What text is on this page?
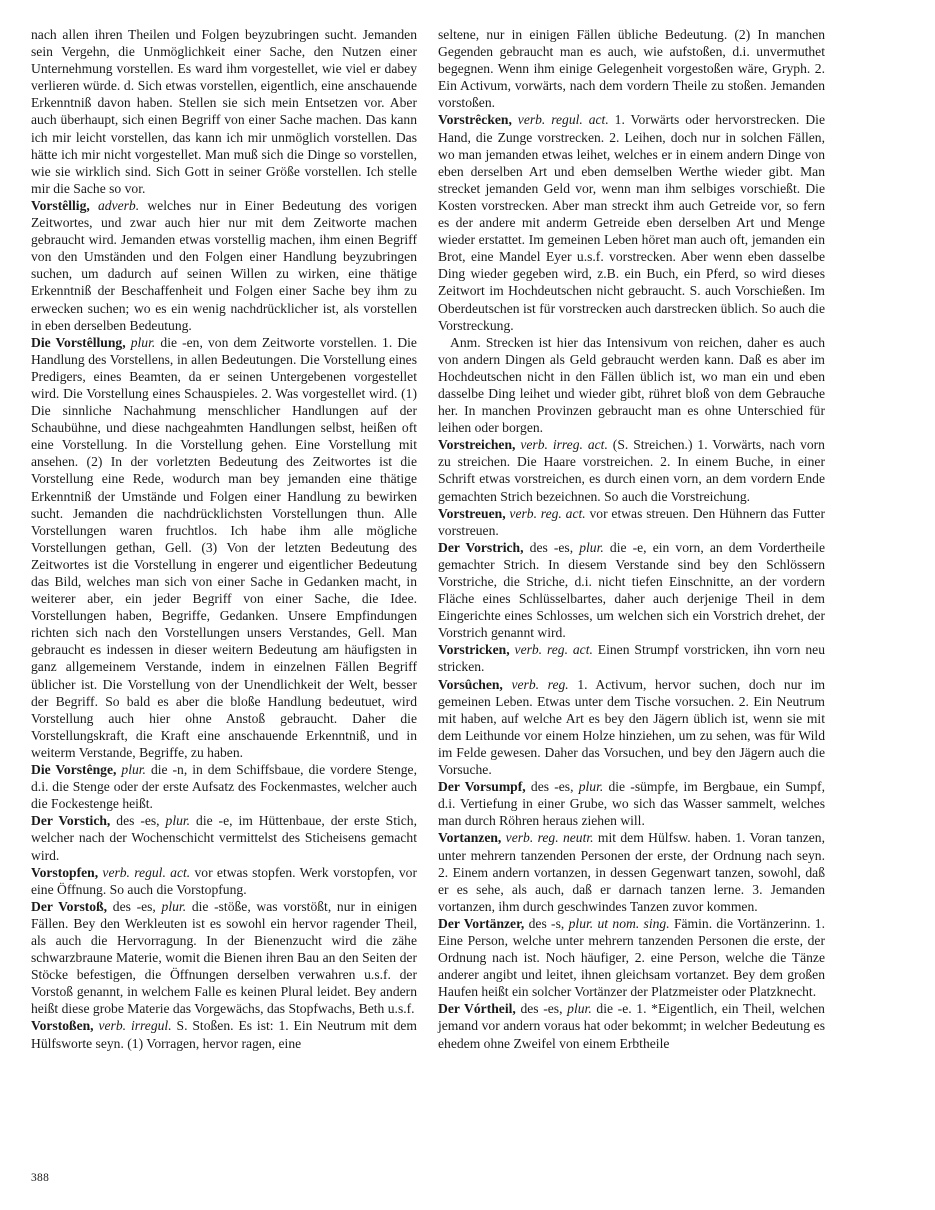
nach allen ihren Theilen und Folgen beyzubringen sucht. Jemanden sein Vergehn, die Unmöglichkeit einer Sache, den Nutzen einer Unternehmung vorstellen. Es ward ihm vorgestellet, wie viel er dabey verlieren würde. d. Sich etwas vorstellen, eigentlich, eine anschauende Erkenntniß davon haben. Stellen sie sich mein Entsetzen vor. Aber auch überhaupt, sich einen Begriff von einer Sache machen. Das kann ich mir leicht vorstellen, das kann ich mir unmöglich vorstellen. Das hätte ich mir nicht vorgestellet. Man muß sich die Dinge so vorstellen, wie sie wirklich sind. Sich Gott in seiner Größe vorstellen. Ich stelle mir die Sache so vor.

Vorstêllig, adverb. welches nur in Einer Bedeutung des vorigen Zeitwortes, und zwar auch hier nur mit dem Zeitworte machen gebraucht wird. Jemanden etwas vorstellig machen, ihm einen Begriff von den Umständen und den Folgen einer Handlung beyzubringen suchen, um dadurch auf seinen Willen zu wirken, eine thätige Erkenntniß der Beschaffenheit und Folgen einer Sache bey ihm zu erwecken suchen; wo es ein wenig nachdrücklicher ist, als vorstellen in eben derselben Bedeutung.

Die Vorstêllung, plur. die -en, von dem Zeitworte vorstellen. 1. Die Handlung des Vorstellens, in allen Bedeutungen. Die Vorstellung eines Predigers, eines Beamten, da er seinen Untergebenen vorgestellet wird. Die Vorstellung eines Schauspieles. 2. Was vorgestellet wird. (1) Die sinnliche Nachahmung menschlicher Handlungen auf der Schaubühne, und diese nachgeahmten Handlungen selbst, heißen oft eine Vorstellung. In die Vorstellung gehen. Eine Vorstellung mit ansehen. (2) In der vorletzten Bedeutung des Zeitwortes ist die Vorstellung eine Rede, wodurch man bey jemanden eine thätige Erkenntniß der Umstände und Folgen einer Handlung zu bewirken sucht. Jemanden die nachdrücklichsten Vorstellungen thun. Alle Vorstellungen waren fruchtlos. Ich habe ihm alle mögliche Vorstellungen gethan, Gell. (3) Von der letzten Bedeutung des Zeitwortes ist die Vorstellung in engerer und eigentlicher Bedeutung das Bild, welches man sich von einer Sache in Gedanken macht, in weiterer aber, ein jeder Begriff von einer Sache, die Idee. Vorstellungen haben, Begriffe, Gedanken. Unsere Empfindungen richten sich nach den Vorstellungen unsers Verstandes, Gell. Man gebraucht es indessen in dieser weitern Bedeutung am häufigsten in ganz allgemeinem Verstande, indem in einzelnen Fällen Begriff üblicher ist. Die Vorstellung von der Unendlichkeit der Welt, besser der Begriff. So bald es aber die bloße Handlung bedeutuet, wird Vorstellung auch hier ohne Anstoß gebraucht. Daher die Vorstellungskraft, die Kraft eine anschauende Erkenntniß, und in weiterm Verstande, Begriffe, zu haben.

Die Vorstênge, plur. die -n, in dem Schiffsbaue, die vordere Stenge, d.i. die Stenge oder der erste Aufsatz des Fockenmastes, welcher auch die Fockestenge heißt.

Der Vorstich, des -es, plur. die -e, im Hüttenbaue, der erste Stich, welcher nach der Wochenschicht vermittelst des Sticheisens gemacht wird.

Vorstopfen, verb. regul. act. vor etwas stopfen. Werk vorstopfen, vor eine Öffnung. So auch die Vorstopfung.

Der Vorstoß, des -es, plur. die -stöße, was vorstößt, nur in einigen Fällen. Bey den Werkleuten ist es sowohl ein hervor ragender Theil, als auch die Hervorragung. In der Bienenzucht wird die zähe schwarzbraune Materie, womit die Bienen ihren Bau an den Seiten der Stöcke befestigen, die Öffnungen derselben verwahren u.s.f. der Vorstoß genannt, in welchem Falle es keinen Plural leidet. Bey andern heißt diese grobe Materie das Vorgewächs, das Stopfwachs, Beth u.s.f.

Vorstoßen, verb. irregul. S. Stoßen. Es ist: 1. Ein Neutrum mit dem Hülfsworte seyn. (1) Vorragen, hervor ragen, eine

seltene, nur in einigen Fällen übliche Bedeutung. (2) In manchen Gegenden gebraucht man es auch, wie aufstoßen, d.i. unvermuthet begegnen. Wenn ihm einige Gelegenheit vorgestoßen wäre, Gryph. 2. Ein Activum, vorwärts, nach dem vordern Theile zu stoßen. Jemanden vorstoßen.

Vorstrêcken, verb. regul. act. 1. Vorwärts oder hervorstrecken. Die Hand, die Zunge vorstrecken. 2. Leihen, doch nur in solchen Fällen, wo man jemanden etwas leihet, welches er in einem andern Dinge von eben derselben Art und eben demselben Werthe wieder gibt. Man strecket jemanden Geld vor, wenn man ihm selbiges vorschießt. Die Kosten vorstrecken. Aber man streckt ihm auch Getreide vor, so fern es der andere mit anderm Getreide eben derselben Art und Menge wieder erstattet. Im gemeinen Leben höret man auch oft, jemanden ein Brot, eine Mandel Eyer u.s.f. vorstrecken. Aber wenn eben dasselbe Ding wieder gegeben wird, z.B. ein Buch, ein Pferd, so wird dieses Zeitwort im Hochdeutschen nicht gebraucht. S. auch Vorschießen. Im Oberdeutschen ist für vorstrecken auch darstrecken üblich. So auch die Vorstreckung.

Anm. Strecken ist hier das Intensivum von reichen, daher es auch von andern Dingen als Geld gebraucht werden kann. Daß es aber im Hochdeutschen nicht in den Fällen üblich ist, wo man ein und eben dasselbe Ding leihet und wieder gibt, rühret bloß von dem Gebrauche her. In manchen Provinzen gebraucht man es ohne Unterschied für leihen oder borgen.

Vorstreichen, verb. irreg. act. (S. Streichen.) 1. Vorwärts, nach vorn zu streichen. Die Haare vorstreichen. 2. In einem Buche, in einer Schrift etwas vorstreichen, es durch einen vorn, an dem vordern Ende gemachten Strich bezeichnen. So auch die Vorstreichung.

Vorstreuen, verb. reg. act. vor etwas streuen. Den Hühnern das Futter vorstreuen.

Der Vorstrich, des -es, plur. die -e, ein vorn, an dem Vordertheile gemachter Strich. In diesem Verstande sind bey den Schlössern Vorstriche, die Striche, d.i. nicht tiefen Einschnitte, an der vordern Fläche eines Schlüsselbartes, daher auch derjenige Theil in dem Eingerichte eines Schlosses, um welchen sich ein Vorstrich drehet, der Vorstrich genannt wird.

Vorstricken, verb. reg. act. Einen Strumpf vorstricken, ihn vorn neu stricken.

Vorsûchen, verb. reg. 1. Activum, hervor suchen, doch nur im gemeinen Leben. Etwas unter dem Tische vorsuchen. 2. Ein Neutrum mit haben, auf welche Art es bey den Jägern üblich ist, wenn sie mit dem Leithunde vor einem Holze hinziehen, um zu sehen, was für Wild im Felde gewesen. Daher das Vorsuchen, und bey den Jägern auch die Vorsuche.

Der Vorsumpf, des -es, plur. die -sümpfe, im Bergbaue, ein Sumpf, d.i. Vertiefung in einer Grube, wo sich das Wasser sammelt, welches man durch Röhren heraus ziehen will.

Vortanzen, verb. reg. neutr. mit dem Hülfsw. haben. 1. Voran tanzen, unter mehrern tanzenden Personen der erste, der Ordnung nach seyn. 2. Einem andern vortanzen, in dessen Gegenwart tanzen, sowohl, daß er es sehe, als auch, daß er darnach tanzen lerne. 3. Jemanden vortanzen, ihm durch geschwindes Tanzen zuvor kommen.

Der Vortänzer, des -s, plur. ut nom. sing. Fämin. die Vortänzerinn. 1. Eine Person, welche unter mehrern tanzenden Personen die erste, der Ordnung nach ist. Noch häufiger, 2. eine Person, welche die Tänze anderer angibt und leitet, ihnen gleichsam vortanzet. Bey dem großen Haufen heißt ein solcher Vortänzer der Platzmeister oder Platzknecht.

Der Vórtheil, des -es, plur. die -e. 1. *Eigentlich, ein Theil, welchen jemand vor andern voraus hat oder bekommt; in welcher Bedeutung es ehedem ohne Zweifel von einem Erbtheile

388
